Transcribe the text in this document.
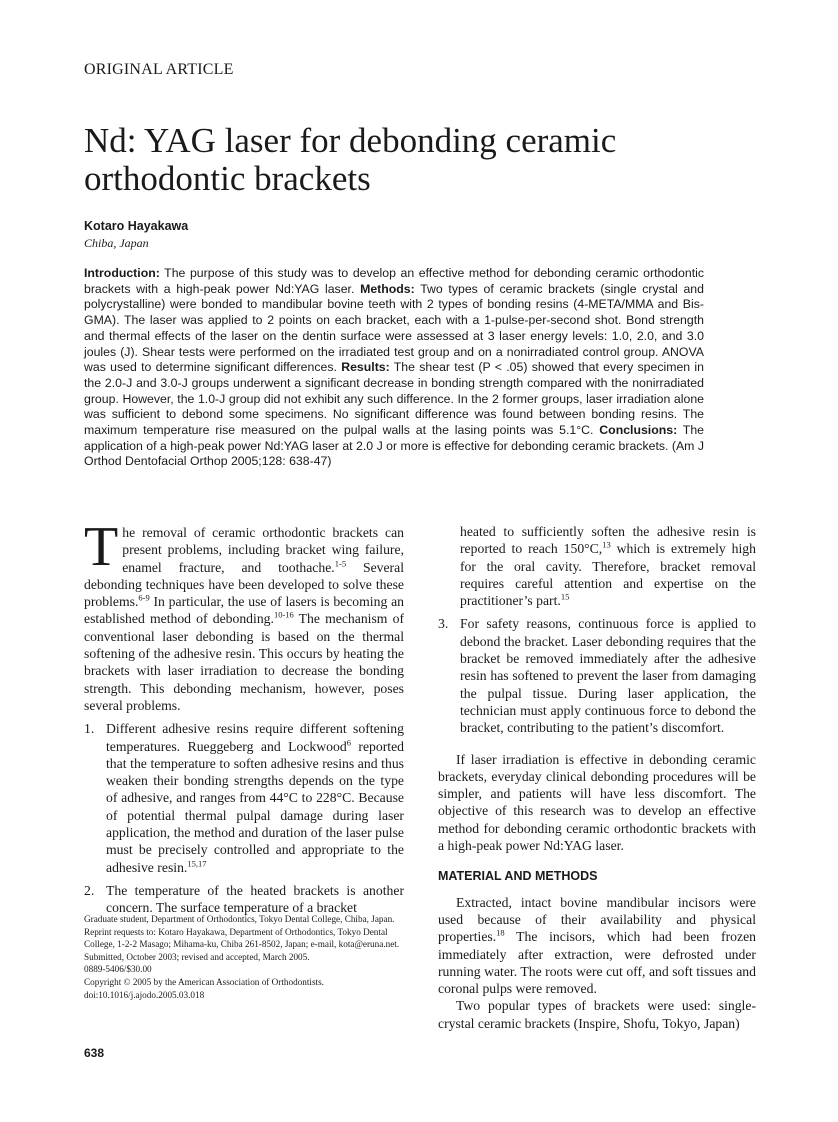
ORIGINAL ARTICLE
Nd: YAG laser for debonding ceramic orthodontic brackets
Kotaro Hayakawa
Chiba, Japan
Introduction: The purpose of this study was to develop an effective method for debonding ceramic orthodontic brackets with a high-peak power Nd:YAG laser. Methods: Two types of ceramic brackets (single crystal and polycrystalline) were bonded to mandibular bovine teeth with 2 types of bonding resins (4-META/MMA and Bis-GMA). The laser was applied to 2 points on each bracket, each with a 1-pulse-per-second shot. Bond strength and thermal effects of the laser on the dentin surface were assessed at 3 laser energy levels: 1.0, 2.0, and 3.0 joules (J). Shear tests were performed on the irradiated test group and on a nonirradiated control group. ANOVA was used to determine significant differences. Results: The shear test (P < .05) showed that every specimen in the 2.0-J and 3.0-J groups underwent a significant decrease in bonding strength compared with the nonirradiated group. However, the 1.0-J group did not exhibit any such difference. In the 2 former groups, laser irradiation alone was sufficient to debond some specimens. No significant difference was found between bonding resins. The maximum temperature rise measured on the pulpal walls at the lasing points was 5.1°C. Conclusions: The application of a high-peak power Nd:YAG laser at 2.0 J or more is effective for debonding ceramic brackets. (Am J Orthod Dentofacial Orthop 2005;128: 638-47)

The removal of ceramic orthodontic brackets can present problems, including bracket wing failure, enamel fracture, and toothache.$^{1-5}$ Several debonding techniques have been developed to solve these problems.$^{6-9}$ In particular, the use of lasers is becoming an established method of debonding.$^{10-16}$ The mechanism of conventional laser debonding is based on the thermal softening of the adhesive resin. This occurs by heating the brackets with laser irradiation to decrease the bonding strength. This debonding mechanism, however, poses several problems.

1. Different adhesive resins require different softening temperatures. Rueggeberg and Lockwood$^6$ reported that the temperature to soften adhesive resins and thus weaken their bonding strengths depends on the type of adhesive, and ranges from 44°C to 228°C. Because of potential thermal pulpal damage during laser application, the method and duration of the laser pulse must be precisely controlled and appropriate to the adhesive resin.$^{15,17}$
2. The temperature of the heated brackets is another concern. The surface temperature of a bracket
heated to sufficiently soften the adhesive resin is reported to reach 150°C,$^{13}$ which is extremely high for the oral cavity. Therefore, bracket removal requires careful attention and expertise on the practitioner’s part.$^{15}$
3. For safety reasons, continuous force is applied to debond the bracket. Laser debonding requires that the bracket be removed immediately after the adhesive resin has softened to prevent the laser from damaging the pulpal tissue. During laser application, the technician must apply continuous force to debond the bracket, contributing to the patient’s discomfort.

If laser irradiation is effective in debonding ceramic brackets, everyday clinical debonding procedures will be simpler, and patients will have less discomfort. The objective of this research was to develop an effective method for debonding ceramic orthodontic brackets with a high-peak power Nd:YAG laser.

MATERIAL AND METHODS

Extracted, intact bovine mandibular incisors were used because of their availability and physical properties.$^{18}$ The incisors, which had been frozen immediately after extraction, were defrosted under running water. The roots were cut off, and soft tissues and coronal pulps were removed.

Two popular types of brackets were used: single-crystal ceramic brackets (Inspire, Shofu, Tokyo, Japan)

Graduate student, Department of Orthodontics, Tokyo Dental College, Chiba, Japan.
Reprint requests to: Kotaro Hayakawa, Department of Orthodontics, Tokyo Dental College, 1-2-2 Masago; Mihama-ku, Chiba 261-8502, Japan; e-mail, kota@eruna.net.
Submitted, October 2003; revised and accepted, March 2005.
0889-5406/$30.00
Copyright © 2005 by the American Association of Orthodontists.
doi:10.1016/j.ajodo.2005.03.018
638
